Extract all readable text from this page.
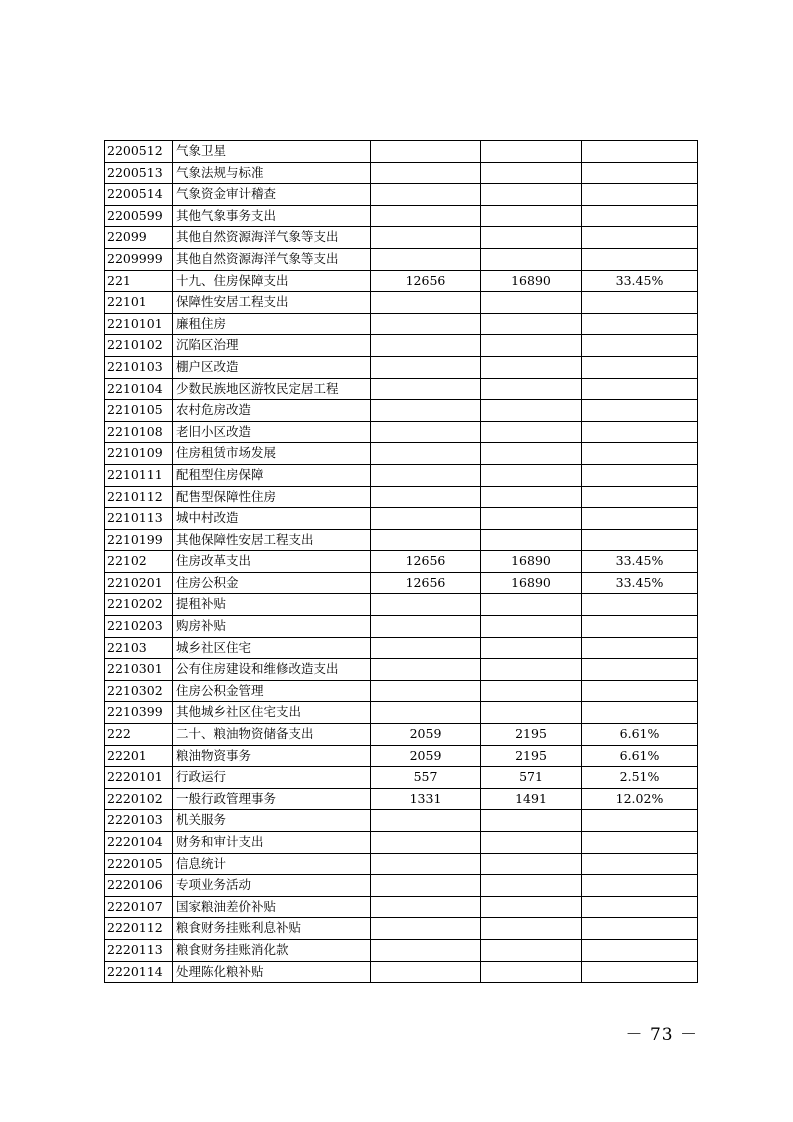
2200512	气象卫星			
2200513	气象法规与标准			
2200514	气象资金审计稽查			
2200599	其他气象事务支出			
22099	其他自然资源海洋气象等支出			
2209999	其他自然资源海洋气象等支出			
221	十九、住房保障支出	12656	16890	33.45%
22101	保障性安居工程支出			
2210101	廉租住房			
2210102	沉陷区治理			
2210103	棚户区改造			
2210104	少数民族地区游牧民定居工程			
2210105	农村危房改造			
2210108	老旧小区改造			
2210109	住房租赁市场发展			
2210111	配租型住房保障			
2210112	配售型保障性住房			
2210113	城中村改造			
2210199	其他保障性安居工程支出			
22102	住房改革支出	12656	16890	33.45%
2210201	住房公积金	12656	16890	33.45%
2210202	提租补贴			
2210203	购房补贴			
22103	城乡社区住宅			
2210301	公有住房建设和维修改造支出			
2210302	住房公积金管理			
2210399	其他城乡社区住宅支出			
222	二十、粮油物资储备支出	2059	2195	6.61%
22201	粮油物资事务	2059	2195	6.61%
2220101	行政运行	557	571	2.51%
2220102	一般行政管理事务	1331	1491	12.02%
2220103	机关服务			
2220104	财务和审计支出			
2220105	信息统计			
2220106	专项业务活动			
2220107	国家粮油差价补贴			
2220112	粮食财务挂账利息补贴			
2220113	粮食财务挂账消化款			
2220114	处理陈化粮补贴			
－ 73 －
